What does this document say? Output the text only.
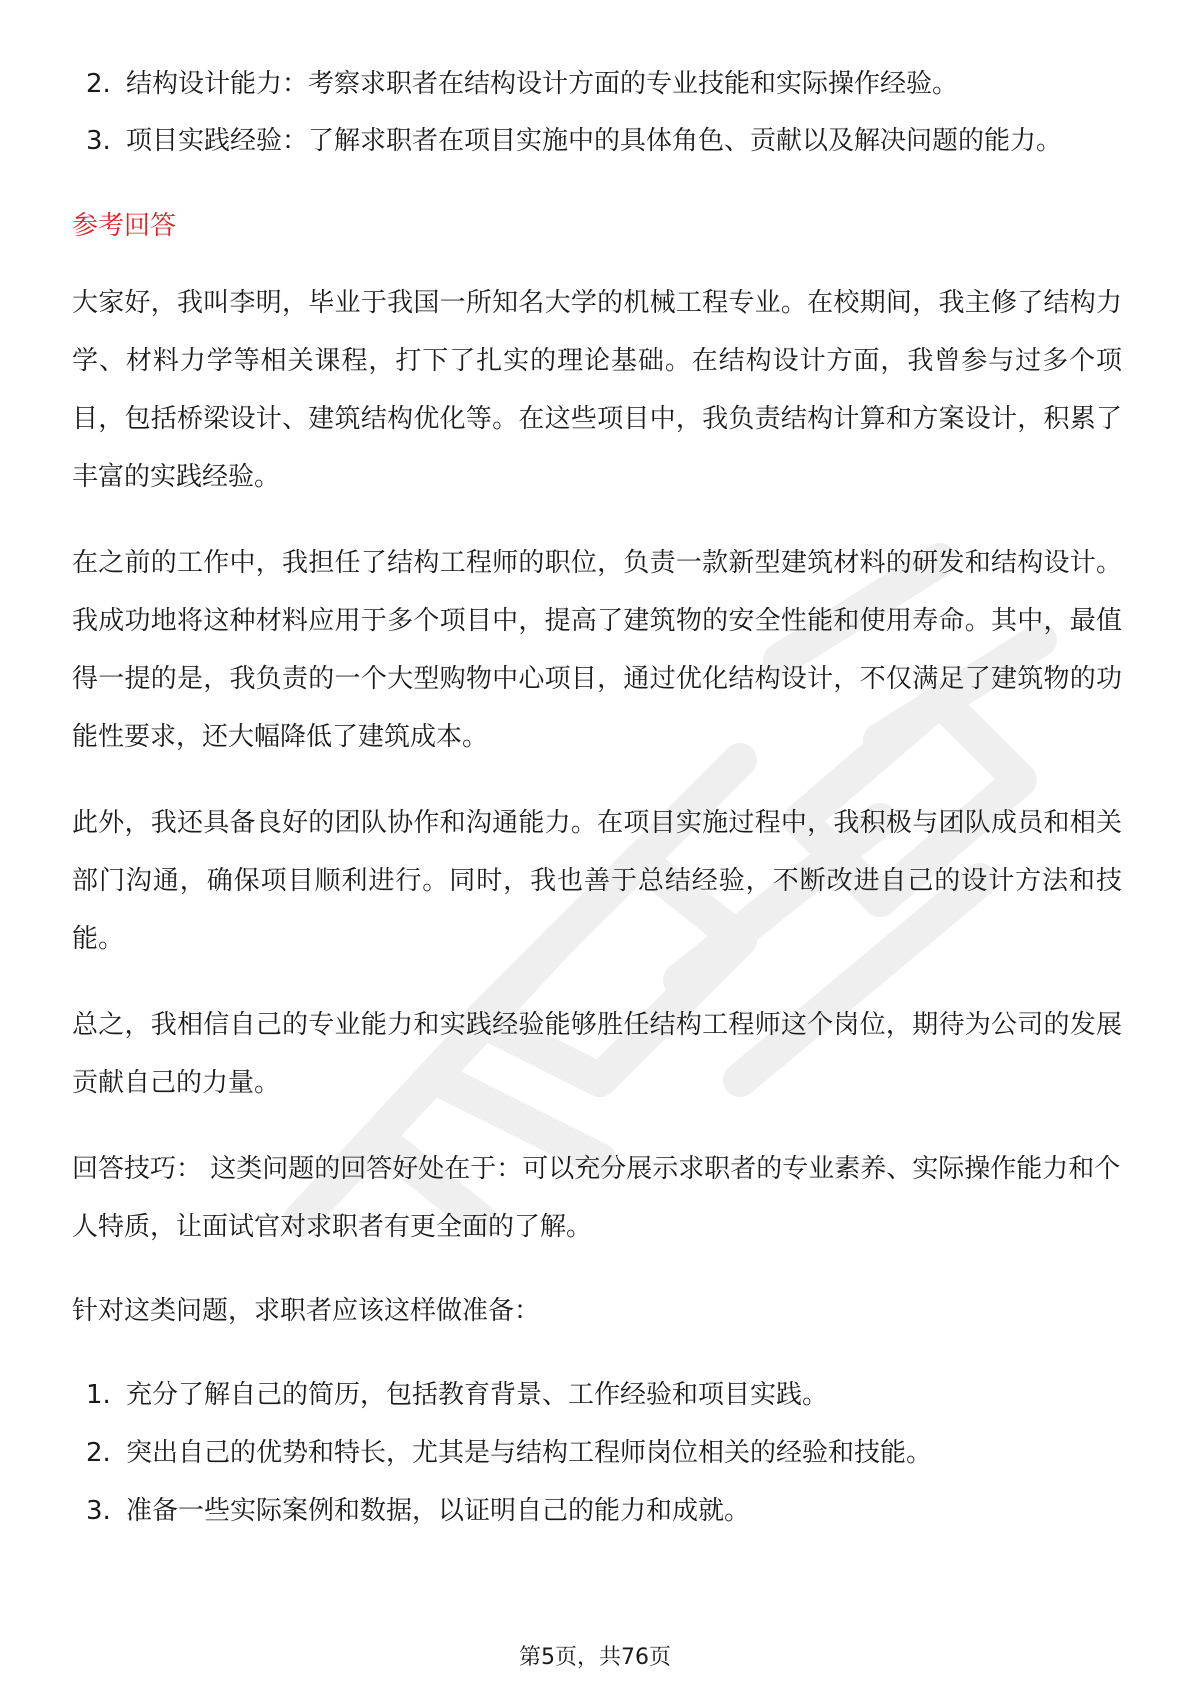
2. 结构设计能力：考察求职者在结构设计方面的专业技能和实际操作经验。
3. 项目实践经验：了解求职者在项目实施中的具体角色、贡献以及解决问题的能力。
参考回答

大家好，我叫李明，毕业于我国一所知名大学的机械工程专业。在校期间，我主修了结构力学、材料力学等相关课程，打下了扎实的理论基础。在结构设计方面，我曾参与过多个项目，包括桥梁设计、建筑结构优化等。在这些项目中，我负责结构计算和方案设计，积累了丰富的实践经验。

在之前的工作中，我担任了结构工程师的职位，负责一款新型建筑材料的研发和结构设计。我成功地将这种材料应用于多个项目中，提高了建筑物的安全性能和使用寿命。其中，最值得一提的是，我负责的一个大型购物中心项目，通过优化结构设计，不仅满足了建筑物的功能性要求，还大幅降低了建筑成本。

此外，我还具备良好的团队协作和沟通能力。在项目实施过程中，我积极与团队成员和相关部门沟通，确保项目顺利进行。同时，我也善于总结经验，不断改进自己的设计方法和技能。

总之，我相信自己的专业能力和实践经验能够胜任结构工程师这个岗位，期待为公司的发展贡献自己的力量。

回答技巧： 这类问题的回答好处在于：可以充分展示求职者的专业素养、实际操作能力和个人特质，让面试官对求职者有更全面的了解。

针对这类问题，求职者应该这样做准备：

1. 充分了解自己的简历，包括教育背景、工作经验和项目实践。
2. 突出自己的优势和特长，尤其是与结构工程师岗位相关的经验和技能。
3. 准备一些实际案例和数据，以证明自己的能力和成就。
第5页，共76页
